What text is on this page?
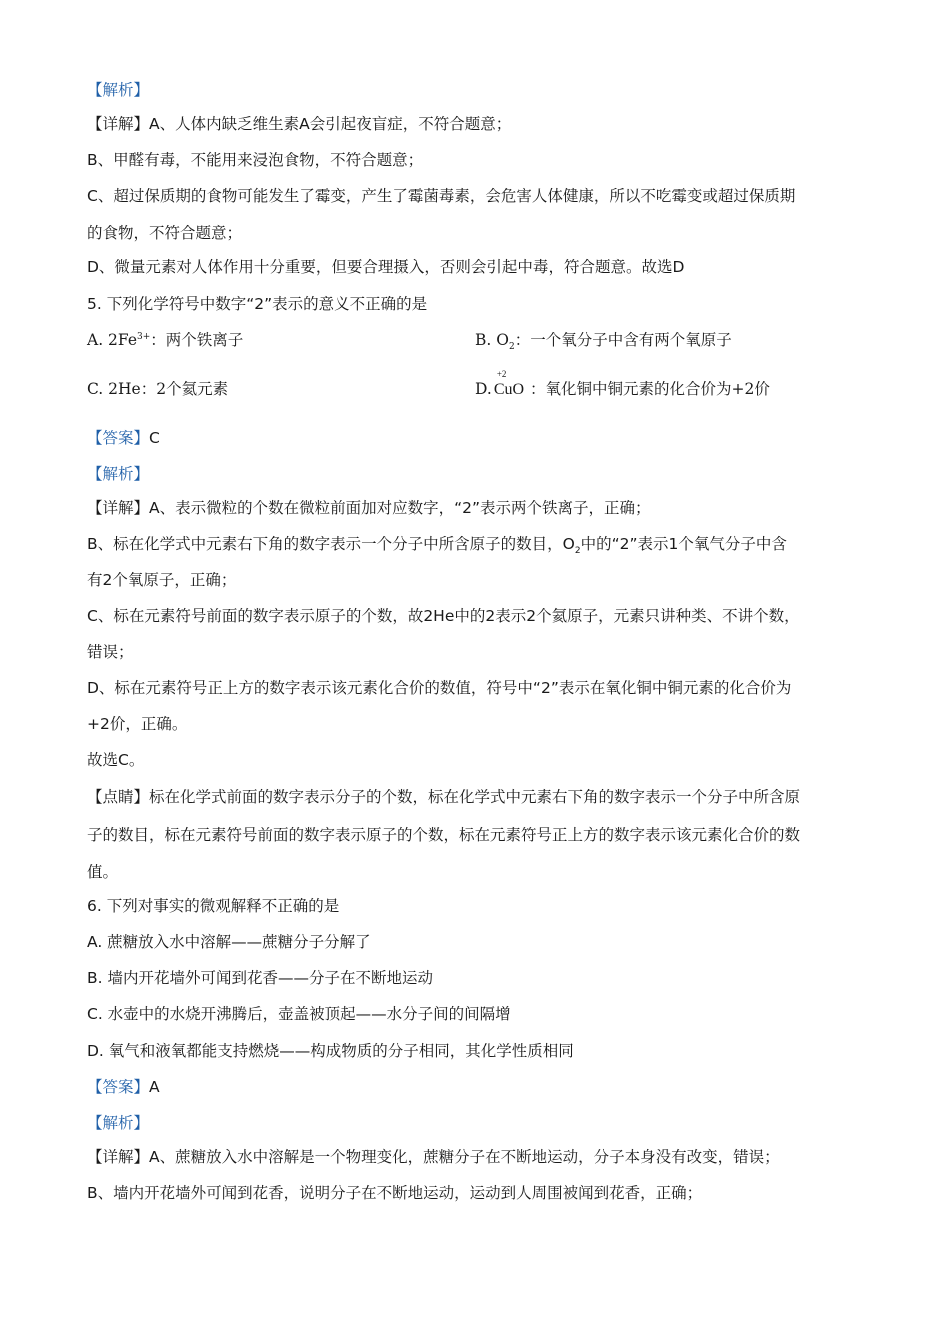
【解析】
【详解】A、人体内缺乏维生素A会引起夜盲症，不符合题意；
B、甲醛有毒，不能用来浸泡食物，不符合题意；
C、超过保质期的食物可能发生了霉变，产生了霉菌毒素，会危害人体健康，所以不吃霉变或超过保质期
的食物，不符合题意；
D、微量元素对人体作用十分重要，但要合理摄入，否则会引起中毒，符合题意。故选D
5. 下列化学符号中数字“2”表示的意义不正确的是
A. $2Fe^{3+}$：两个铁离子	B. $O_2$：一个氧分子中含有两个氧原子
C. 2He：2个氦元素	D.
+2
CuO ：氧化铜中铜元素的化合价为+2价
【答案】C
【解析】
【详解】A、表示微粒的个数在微粒前面加对应数字，“2”表示两个铁离子，正确；
B、标在化学式中元素右下角的数字表示一个分子中所含原子的数目，$O_2$中的“2”表示1个氧气分子中含
有2个氧原子，正确；
C、标在元素符号前面的数字表示原子的个数，故2He中的2表示2个氦原子，元素只讲种类、不讲个数，
错误；
D、标在元素符号正上方的数字表示该元素化合价的数值，符号中“2”表示在氧化铜中铜元素的化合价为
+2价，正确。
故选C。
【点睛】标在化学式前面的数字表示分子的个数，标在化学式中元素右下角的数字表示一个分子中所含原
子的数目，标在元素符号前面的数字表示原子的个数，标在元素符号正上方的数字表示该元素化合价的数
值。
6. 下列对事实的微观解释不正确的是
A. 蔗糖放入水中溶解——蔗糖分子分解了
B. 墙内开花墙外可闻到花香——分子在不断地运动
C. 水壶中的水烧开沸腾后，壶盖被顶起——水分子间的间隔增
D. 氧气和液氧都能支持燃烧——构成物质的分子相同，其化学性质相同
【答案】A
【解析】
【详解】A、蔗糖放入水中溶解是一个物理变化，蔗糖分子在不断地运动，分子本身没有改变，错误；
B、墙内开花墙外可闻到花香，说明分子在不断地运动，运动到人周围被闻到花香，正确；
